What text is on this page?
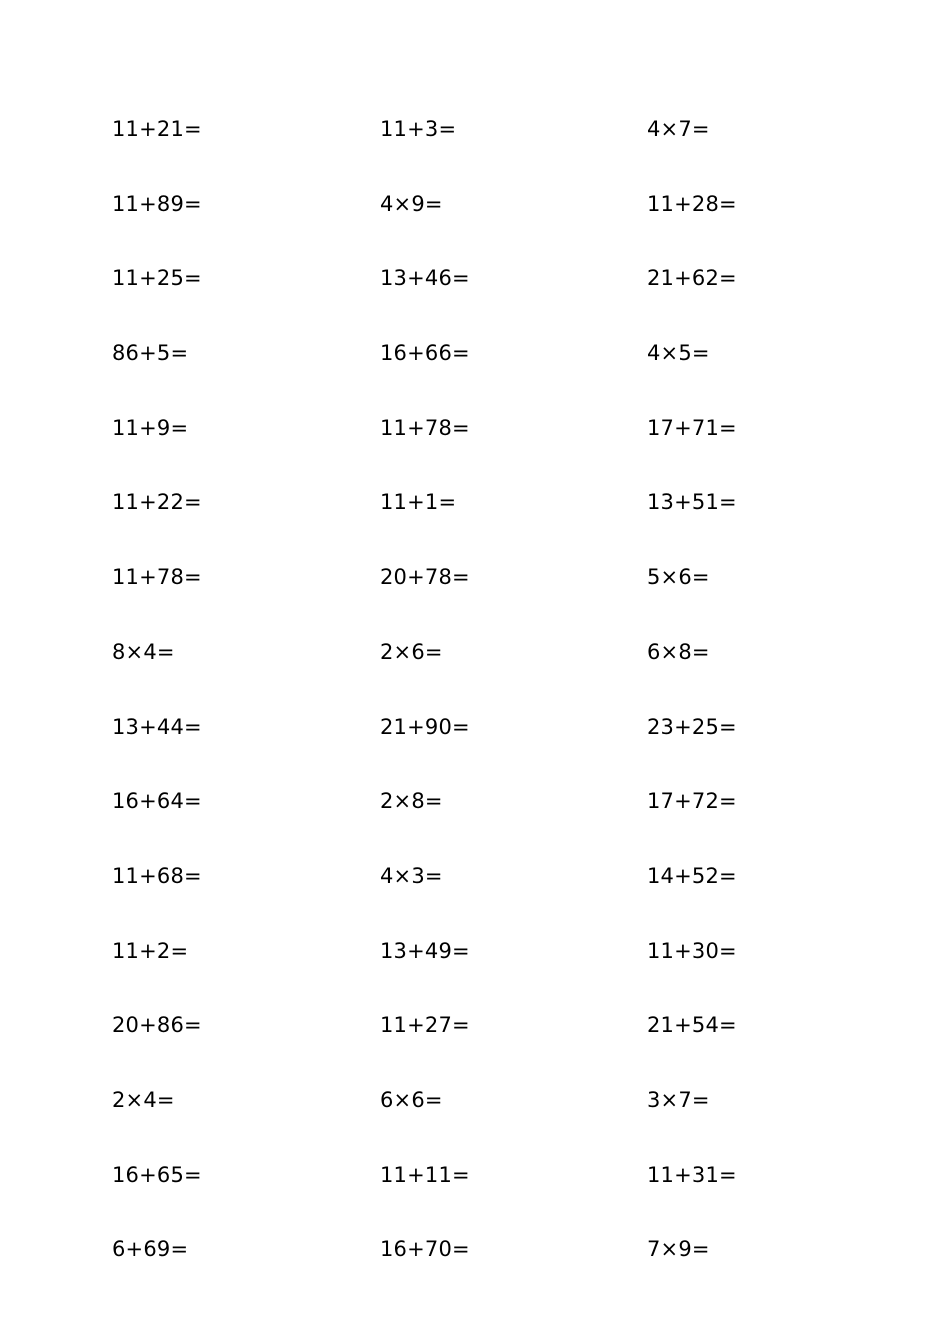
11+21=	11+3=	4×7=
11+89=	4×9=	11+28=
11+25=	13+46=	21+62=
86+5=	16+66=	4×5=
11+9=	11+78=	17+71=
11+22=	11+1=	13+51=
11+78=	20+78=	5×6=
8×4=	2×6=	6×8=
13+44=	21+90=	23+25=
16+64=	2×8=	17+72=
11+68=	4×3=	14+52=
11+2=	13+49=	11+30=
20+86=	11+27=	21+54=
2×4=	6×6=	3×7=
16+65=	11+11=	11+31=
6+69=	16+70=	7×9=
